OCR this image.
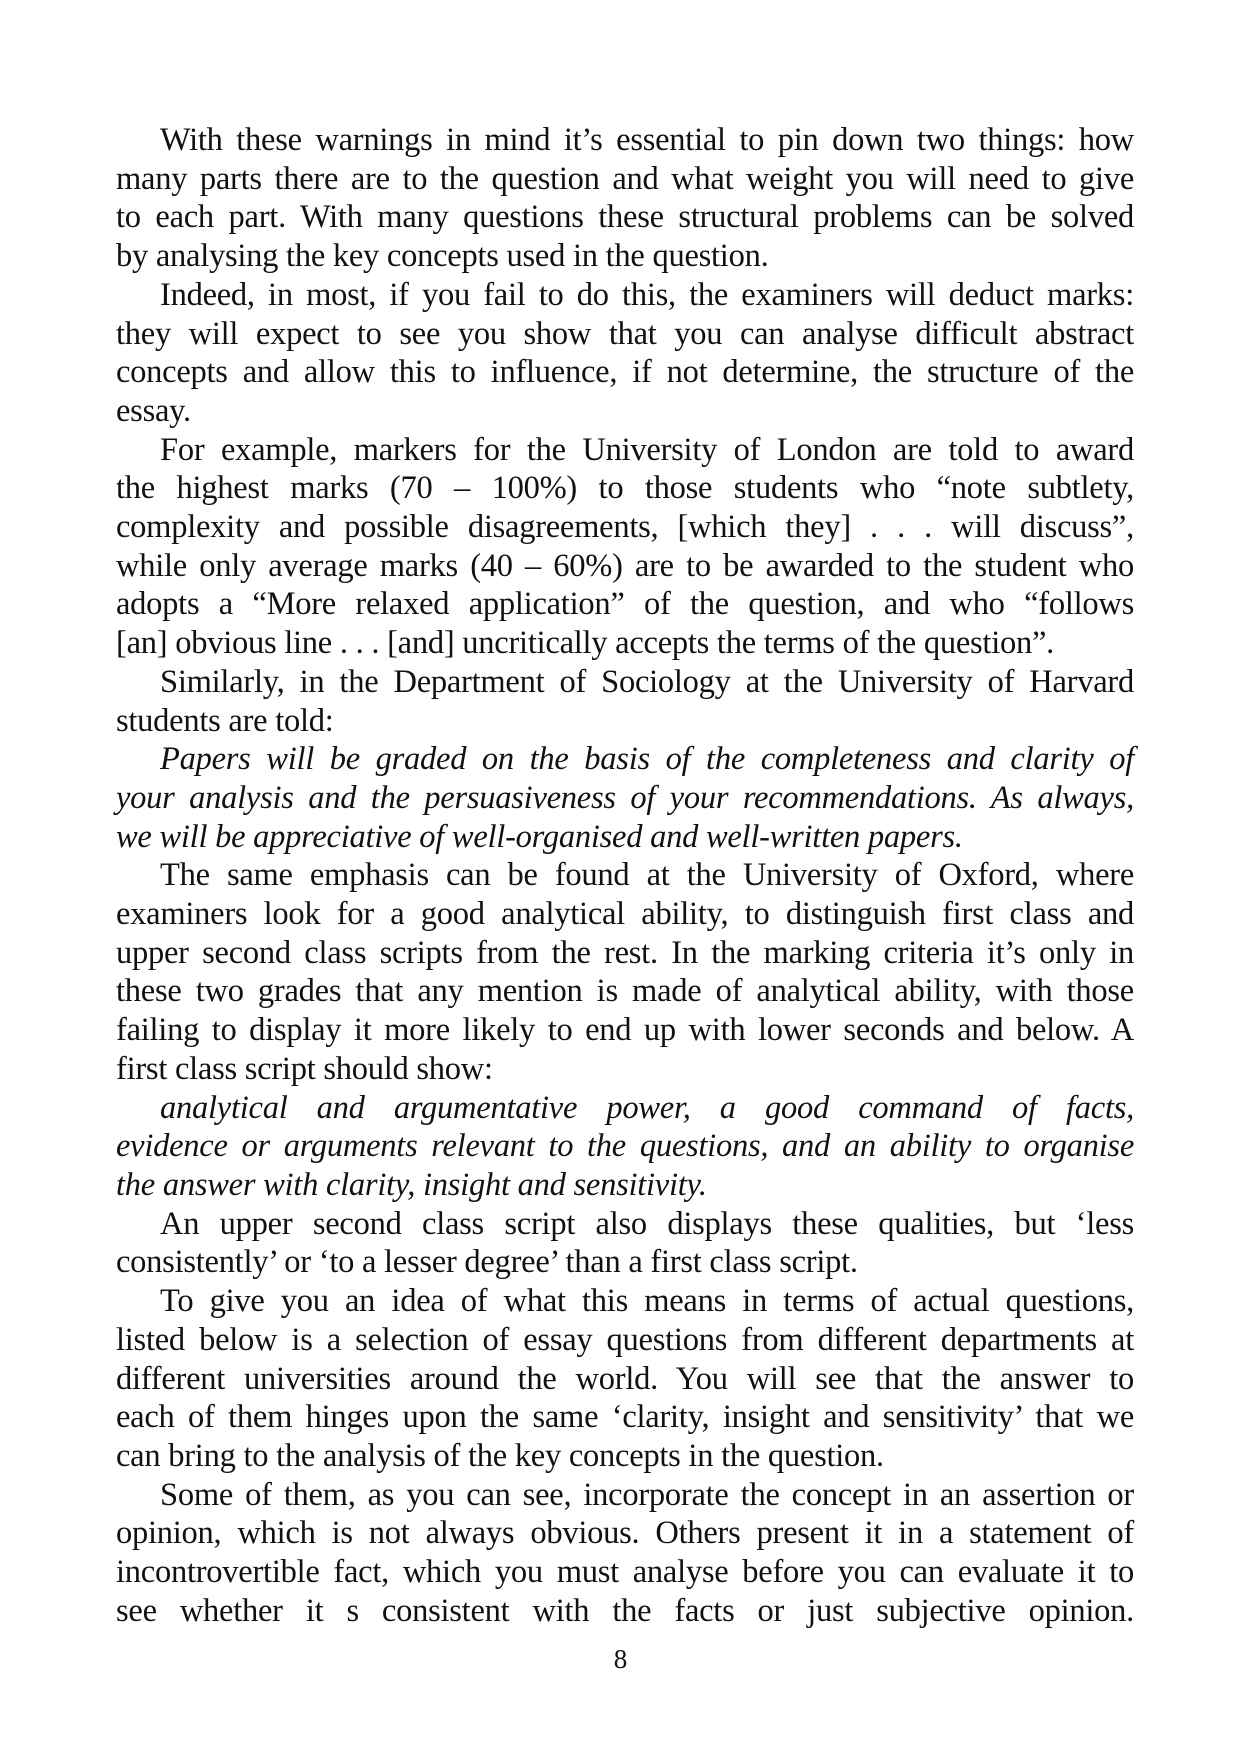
With these warnings in mind it’s essential to pin down two things: how
many parts there are to the question and what weight you will need to give
to each part. With many questions these structural problems can be solved
by analysing the key concepts used in the question.
Indeed, in most, if you fail to do this, the examiners will deduct marks:
they will expect to see you show that you can analyse difficult abstract
concepts and allow this to influence, if not determine, the structure of the
essay.
For example, markers for the University of London are told to award
the highest marks (70 – 100%) to those students who “note subtlety,
complexity and possible disagreements, [which they] . . . will discuss”,
while only average marks (40 – 60%) are to be awarded to the student who
adopts a “More relaxed application” of the question, and who “follows
[an] obvious line . . . [and] uncritically accepts the terms of the question”.
Similarly, in the Department of Sociology at the University of Harvard
students are told:
Papers will be graded on the basis of the completeness and clarity of
your analysis and the persuasiveness of your recommendations. As always,
we will be appreciative of well-organised and well-written papers.
The same emphasis can be found at the University of Oxford, where
examiners look for a good analytical ability, to distinguish first class and
upper second class scripts from the rest. In the marking criteria it’s only in
these two grades that any mention is made of analytical ability, with those
failing to display it more likely to end up with lower seconds and below. A
first class script should show:
analytical and argumentative power, a good command of facts,
evidence or arguments relevant to the questions, and an ability to organise
the answer with clarity, insight and sensitivity.
An upper second class script also displays these qualities, but ‘less
consistently’ or ‘to a lesser degree’ than a first class script.
To give you an idea of what this means in terms of actual questions,
listed below is a selection of essay questions from different departments at
different universities around the world. You will see that the answer to
each of them hinges upon the same ‘clarity, insight and sensitivity’ that we
can bring to the analysis of the key concepts in the question.
Some of them, as you can see, incorporate the concept in an assertion or
opinion, which is not always obvious. Others present it in a statement of
incontrovertible fact, which you must analyse before you can evaluate it to
see whether it s consistent with the facts or just subjective opinion.
8
